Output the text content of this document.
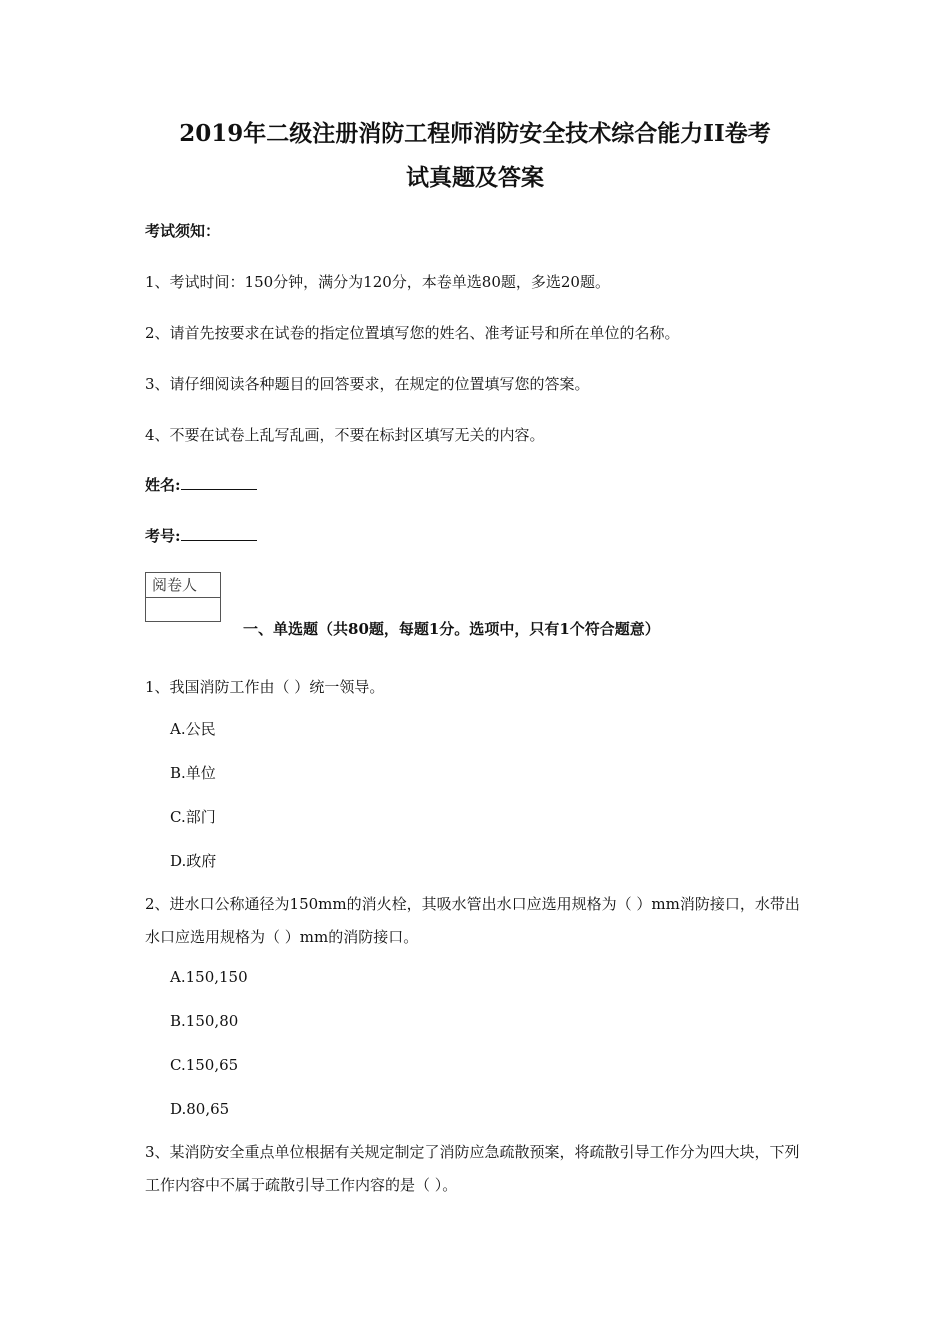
2019年二级注册消防工程师消防安全技术综合能力II卷考
试真题及答案

考试须知：

1、考试时间：150分钟，满分为120分，本卷单选80题，多选20题。

2、请首先按要求在试卷的指定位置填写您的姓名、准考证号和所在单位的名称。

3、请仔细阅读各种题目的回答要求，在规定的位置填写您的答案。

4、不要在试卷上乱写乱画，不要在标封区填写无关的内容。

姓名:

考号:

阅卷人

一、单选题（共80题，每题1分。选项中，只有1个符合题意）

1、我国消防工作由（ ）统一领导。

A.公民

B.单位

C.部门

D.政府

2、进水口公称通径为150mm的消火栓，其吸水管出水口应选用规格为（ ）mm消防接口，水带出水口应选用规格为（ ）mm的消防接口。

A.150,150

B.150,80

C.150,65

D.80,65

3、某消防安全重点单位根据有关规定制定了消防应急疏散预案，将疏散引导工作分为四大块，下列工作内容中不属于疏散引导工作内容的是（ ）。
